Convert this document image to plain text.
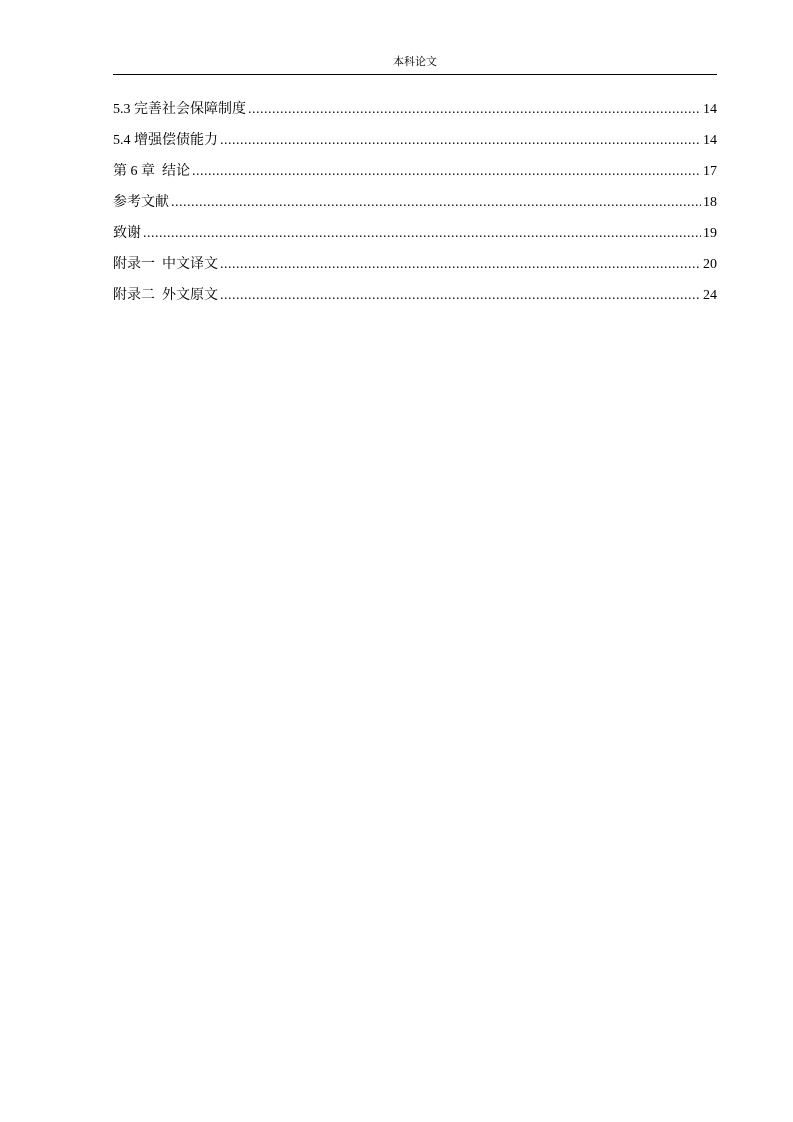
本科论文
5.3 完善社会保障制度 .....	14
5.4 增强偿债能力 .....	14
第 6 章  结论 .....	17
参考文献 .....	18
致谢 .....	19
附录一  中文译文 .....	20
附录二  外文原文 .....	24
